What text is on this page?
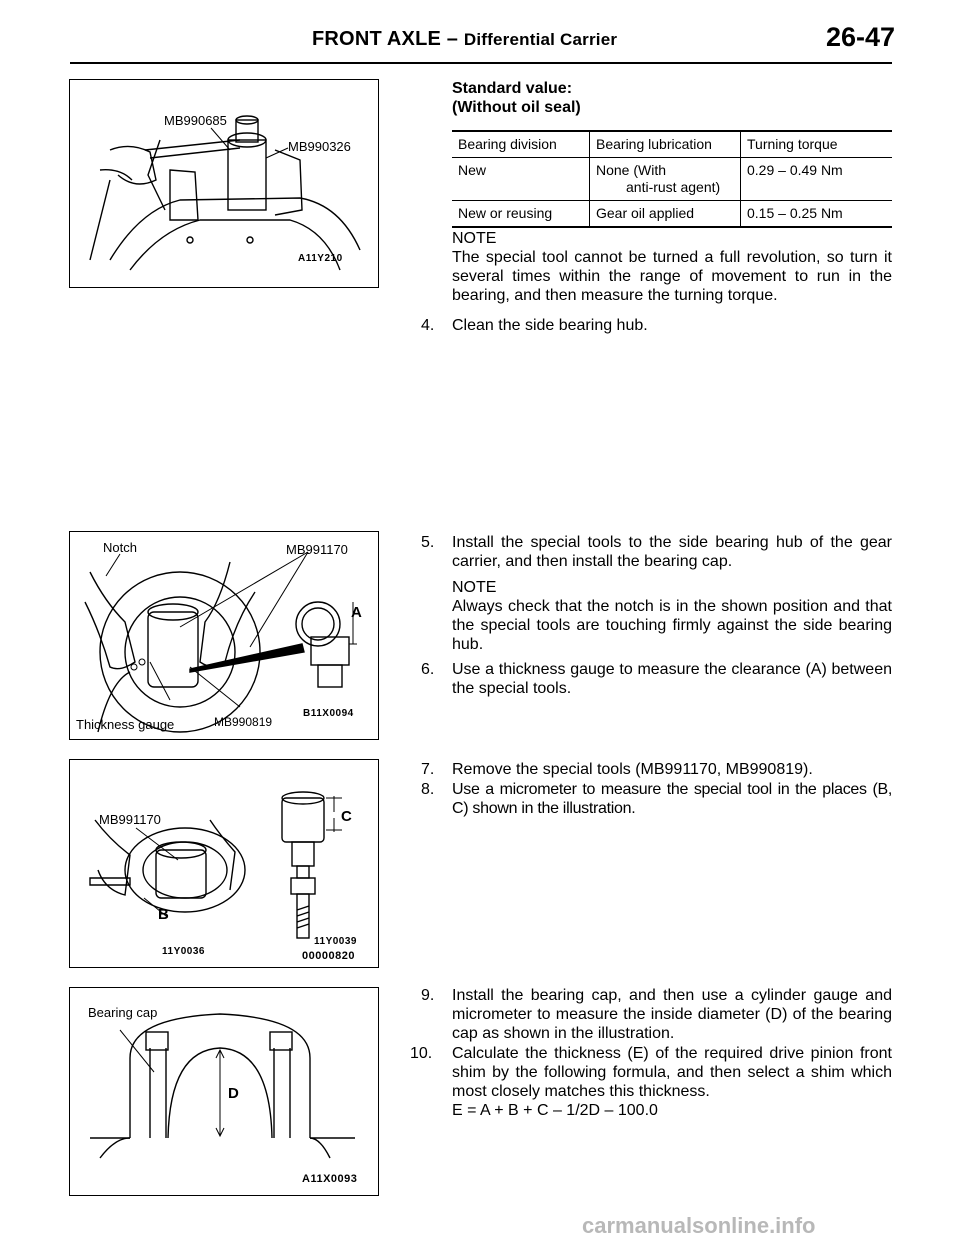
FRONT AXLE – Differential Carrier	26-47
MB990685
MB990326
A11Y210
Standard value:
(Without oil seal)
Bearing division	Bearing lubrication	Turning torque
New	None (With
anti-rust agent)	0.29 – 0.49 Nm
New or reusing	Gear oil applied	0.15 – 0.25 Nm
NOTE
The special tool cannot be turned a full revolution, so turn it several times within the range of movement to run in the bearing, and then measure the turning torque.
4. Clean the side bearing hub.
Notch	MB991170
A
Thickness gauge	MB990819
B11X0094
5. Install the special tools to the side bearing hub of the gear carrier, and then install the bearing cap.
NOTE
Always check that the notch is in the shown position and that the special tools are touching firmly against the side bearing hub.
6. Use a thickness gauge to measure the clearance (A) between the special tools.
MB991170
B
C
11Y0036
11Y0039
00000820
7. Remove the special tools (MB991170, MB990819).
8. Use a micrometer to measure the special tool in the places (B, C) shown in the illustration.
Bearing cap
D
A11X0093
9. Install the bearing cap, and then use a cylinder gauge and micrometer to measure the inside diameter (D) of the bearing cap as shown in the illustration.
10. Calculate the thickness (E) of the required drive pinion front shim by the following formula, and then select a shim which most closely matches this thickness.
E = A + B + C – 1/2D – 100.0
carmanualsonline.info
